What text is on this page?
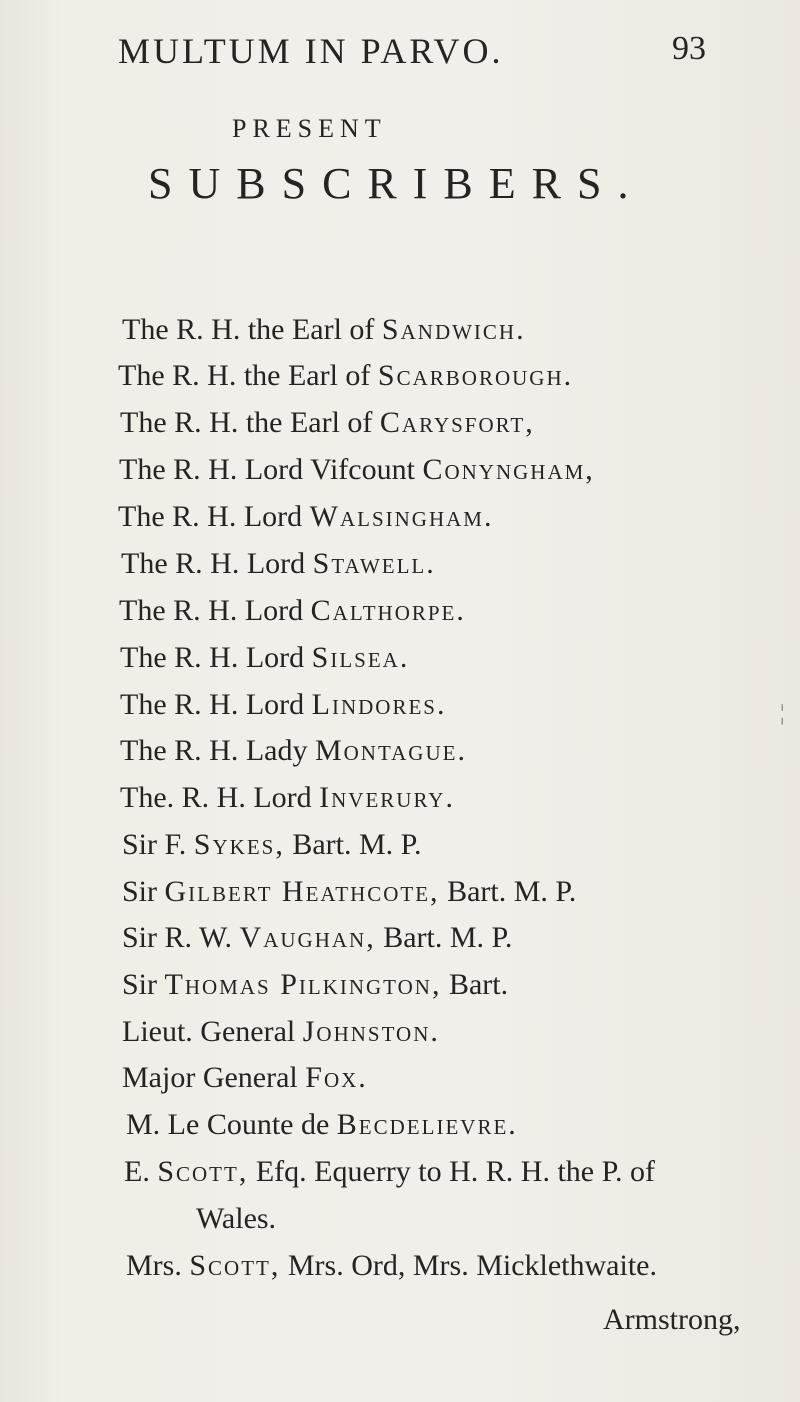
MULTUM IN PARVO.	93
PRESENT
SUBSCRIBERS.
The R. H. the Earl of Sandwich.
The R. H. the Earl of Scarborough.
The R. H. the Earl of Carysfort,
The R. H. Lord Vifcount Conyngham,
The R. H. Lord Walsingham.
The R. H. Lord Stawell.
The R. H. Lord Calthorpe.
The R. H. Lord Silsea.
The R. H. Lord Lindores.
The R. H. Lady Montague.
The. R. H. Lord Inverury.
Sir F. Sykes, Bart. M. P.
Sir Gilbert Heathcote, Bart. M. P.
Sir R. W. Vaughan, Bart. M. P.
Sir Thomas Pilkington, Bart.
Lieut. General Johnston.
Major General Fox.
M. Le Counte de Becdelievre.
E. Scott, Efq. Equerry to H. R. H. the P. of
Wales.
Mrs. Scott, Mrs. Ord, Mrs. Micklethwaite.
Armstrong,
¦
